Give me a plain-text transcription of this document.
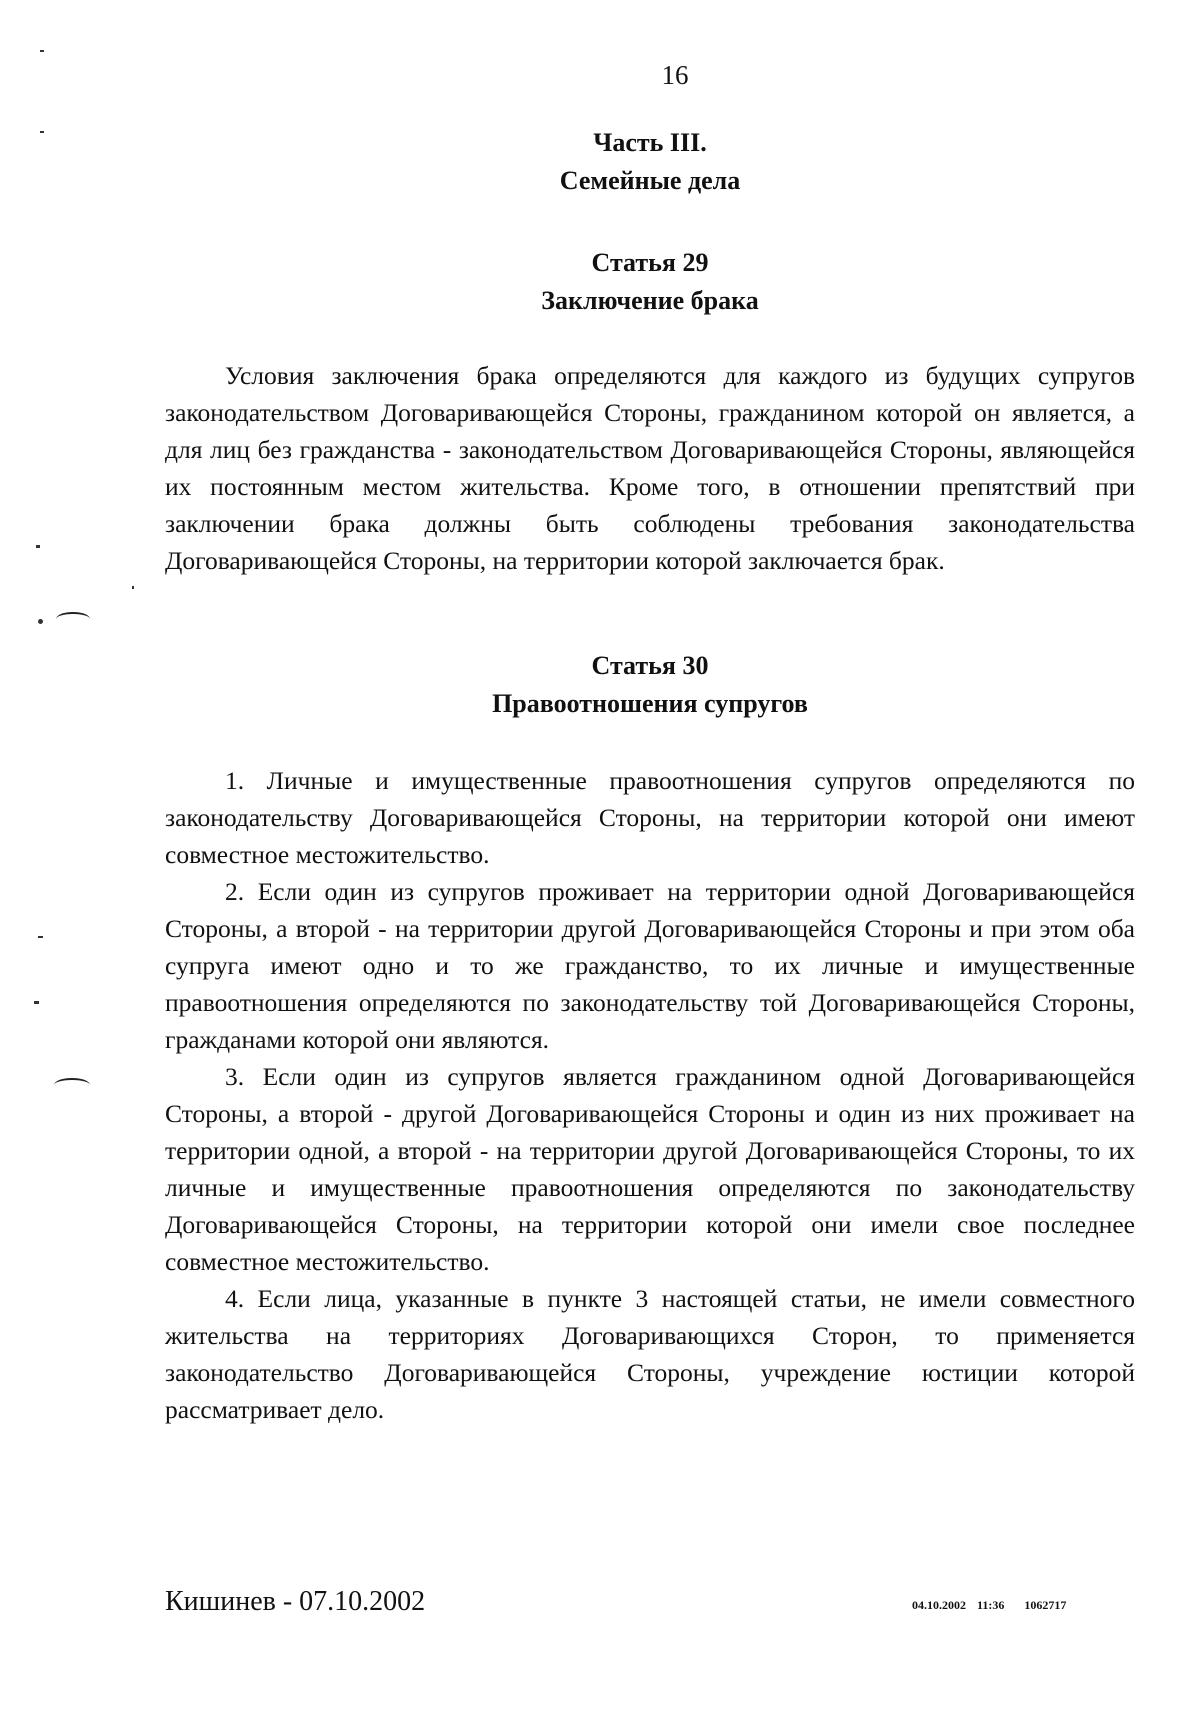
16
Часть III.
Семейные дела
Статья 29
Заключение брака

Условия заключения брака определяются для каждого из будущих супругов законодательством Договаривающейся Стороны, гражданином которой он является, а для лиц без гражданства - законодательством Договаривающейся Стороны, являющейся их постоянным местом жительства. Кроме того, в отношении препятствий при заключении брака должны быть соблюдены требования законодательства Договаривающейся Стороны, на территории которой заключается брак.

Статья 30
Правоотношения супругов

1. Личные и имущественные правоотношения супругов определяются по законодательству Договаривающейся Стороны, на территории которой они имеют совместное местожительство.

2. Если один из супругов проживает на территории одной Договаривающейся Стороны, а второй - на территории другой Договаривающейся Стороны и при этом оба супруга имеют одно и то же гражданство, то их личные и имущественные правоотношения определяются по законодательству той Договаривающейся Стороны, гражданами которой они являются.

3. Если один из супругов является гражданином одной Договаривающейся Стороны, а второй - другой Договаривающейся Стороны и один из них проживает на территории одной, а второй - на территории другой Договаривающейся Стороны, то их личные и имущественные правоотношения определяются по законодательству Договаривающейся Стороны, на территории которой они имели свое последнее совместное местожительство.

4. Если лица, указанные в пункте 3 настоящей статьи, не имели совместного жительства на территориях Договаривающихся Сторон, то применяется законодательство Договаривающейся Стороны, учреждение юстиции которой рассматривает дело.

Кишинев - 07.10.2002	04.10.2002 11:36 1062717
